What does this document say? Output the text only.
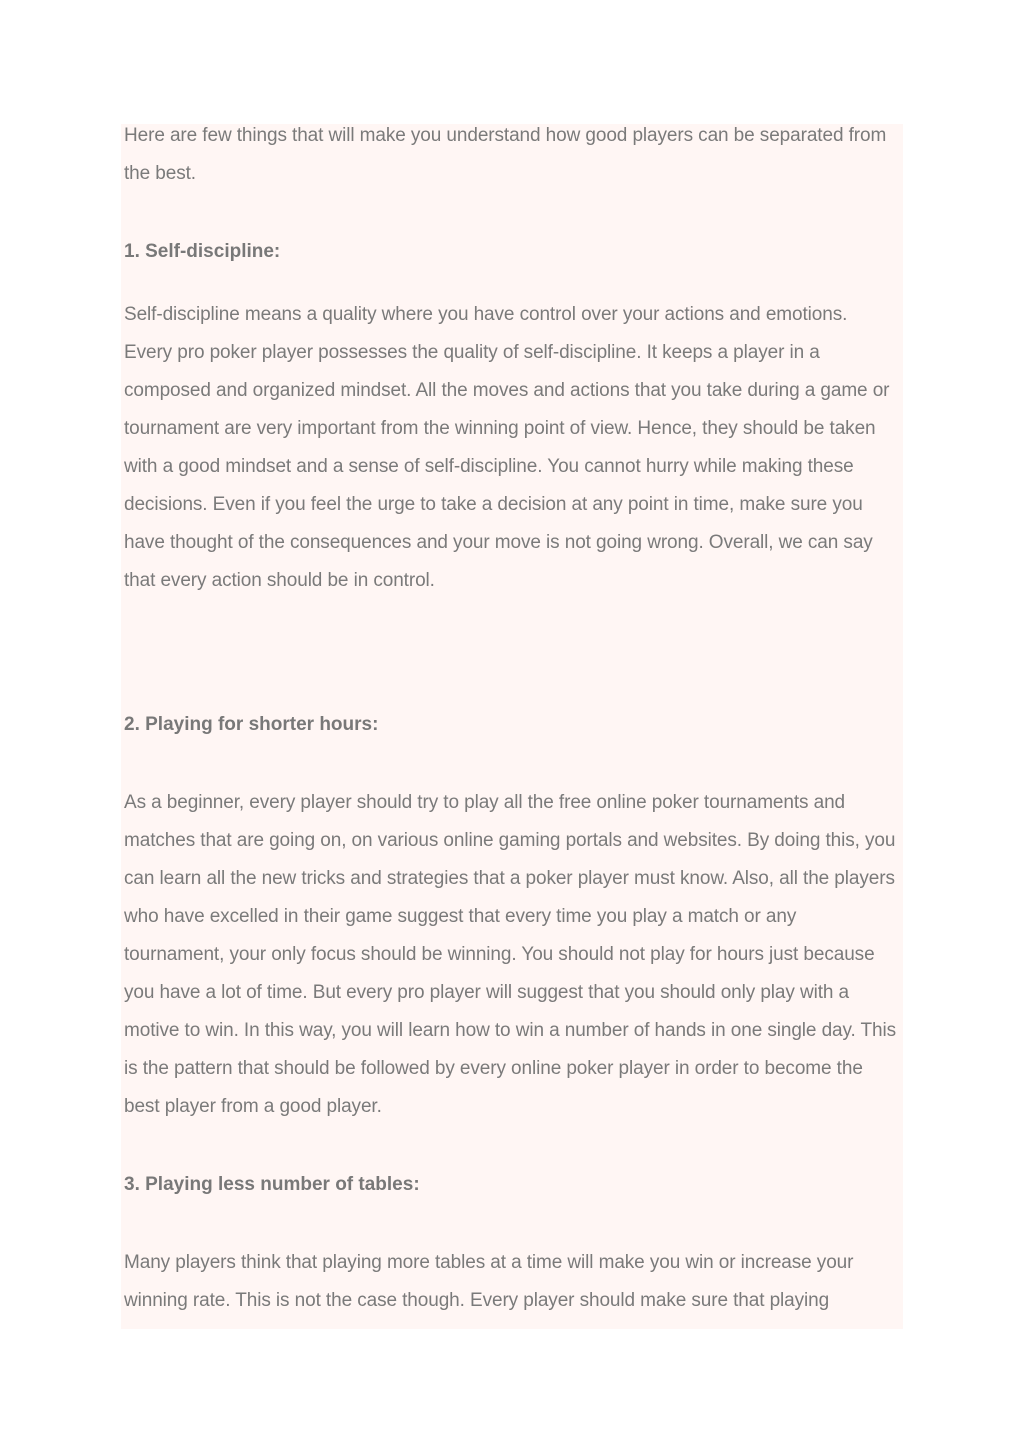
Here are few things that will make you understand how good players can be separated from the best.

1. Self-discipline:

Self-discipline means a quality where you have control over your actions and emotions. Every pro poker player possesses the quality of self-discipline. It keeps a player in a composed and organized mindset. All the moves and actions that you take during a game or tournament are very important from the winning point of view. Hence, they should be taken with a good mindset and a sense of self-discipline. You cannot hurry while making these decisions. Even if you feel the urge to take a decision at any point in time, make sure you have thought of the consequences and your move is not going wrong. Overall, we can say that every action should be in control.

2. Playing for shorter hours:

As a beginner, every player should try to play all the free online poker tournaments and matches that are going on, on various online gaming portals and websites. By doing this, you can learn all the new tricks and strategies that a poker player must know. Also, all the players who have excelled in their game suggest that every time you play a match or any tournament, your only focus should be winning. You should not play for hours just because you have a lot of time. But every pro player will suggest that you should only play with a motive to win. In this way, you will learn how to win a number of hands in one single day. This is the pattern that should be followed by every online poker player in order to become the best player from a good player.

3. Playing less number of tables:

Many players think that playing more tables at a time will make you win or increase your winning rate. This is not the case though. Every player should make sure that playing
